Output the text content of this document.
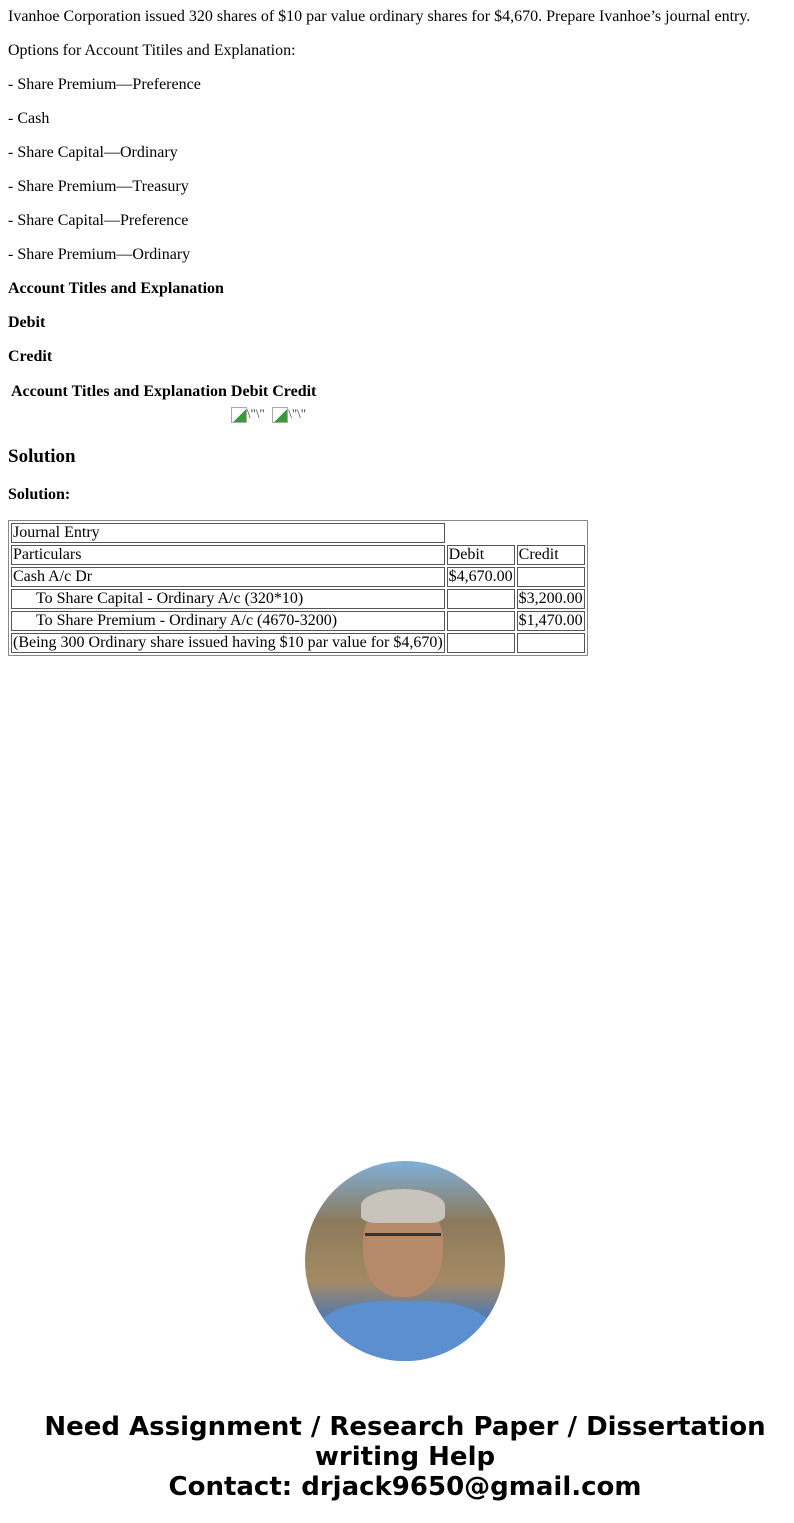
Ivanhoe Corporation issued 320 shares of $10 par value ordinary shares for $4,670. Prepare Ivanhoe’s journal entry.

Options for Account Titiles and Explanation:

- Share Premium—Preference

- Cash

- Share Capital—Ordinary

- Share Premium—Treasury

- Share Capital—Preference

- Share Premium—Ordinary

Account Titles and Explanation

Debit

Credit

Account Titles and Explanation	Debit	Credit
	\"\"	\"\"
Solution
Solution:
Journal Entry		
Particulars	Debit	Credit
Cash A/c Dr	$4,670.00	
To Share Capital - Ordinary A/c (320*10)		$3,200.00
To Share Premium - Ordinary A/c (4670-3200)		$1,470.00
(Being 300 Ordinary share issued having $10 par value for $4,670)		
Need Assignment / Research Paper / Dissertation writing Help
Contact: drjack9650@gmail.com
